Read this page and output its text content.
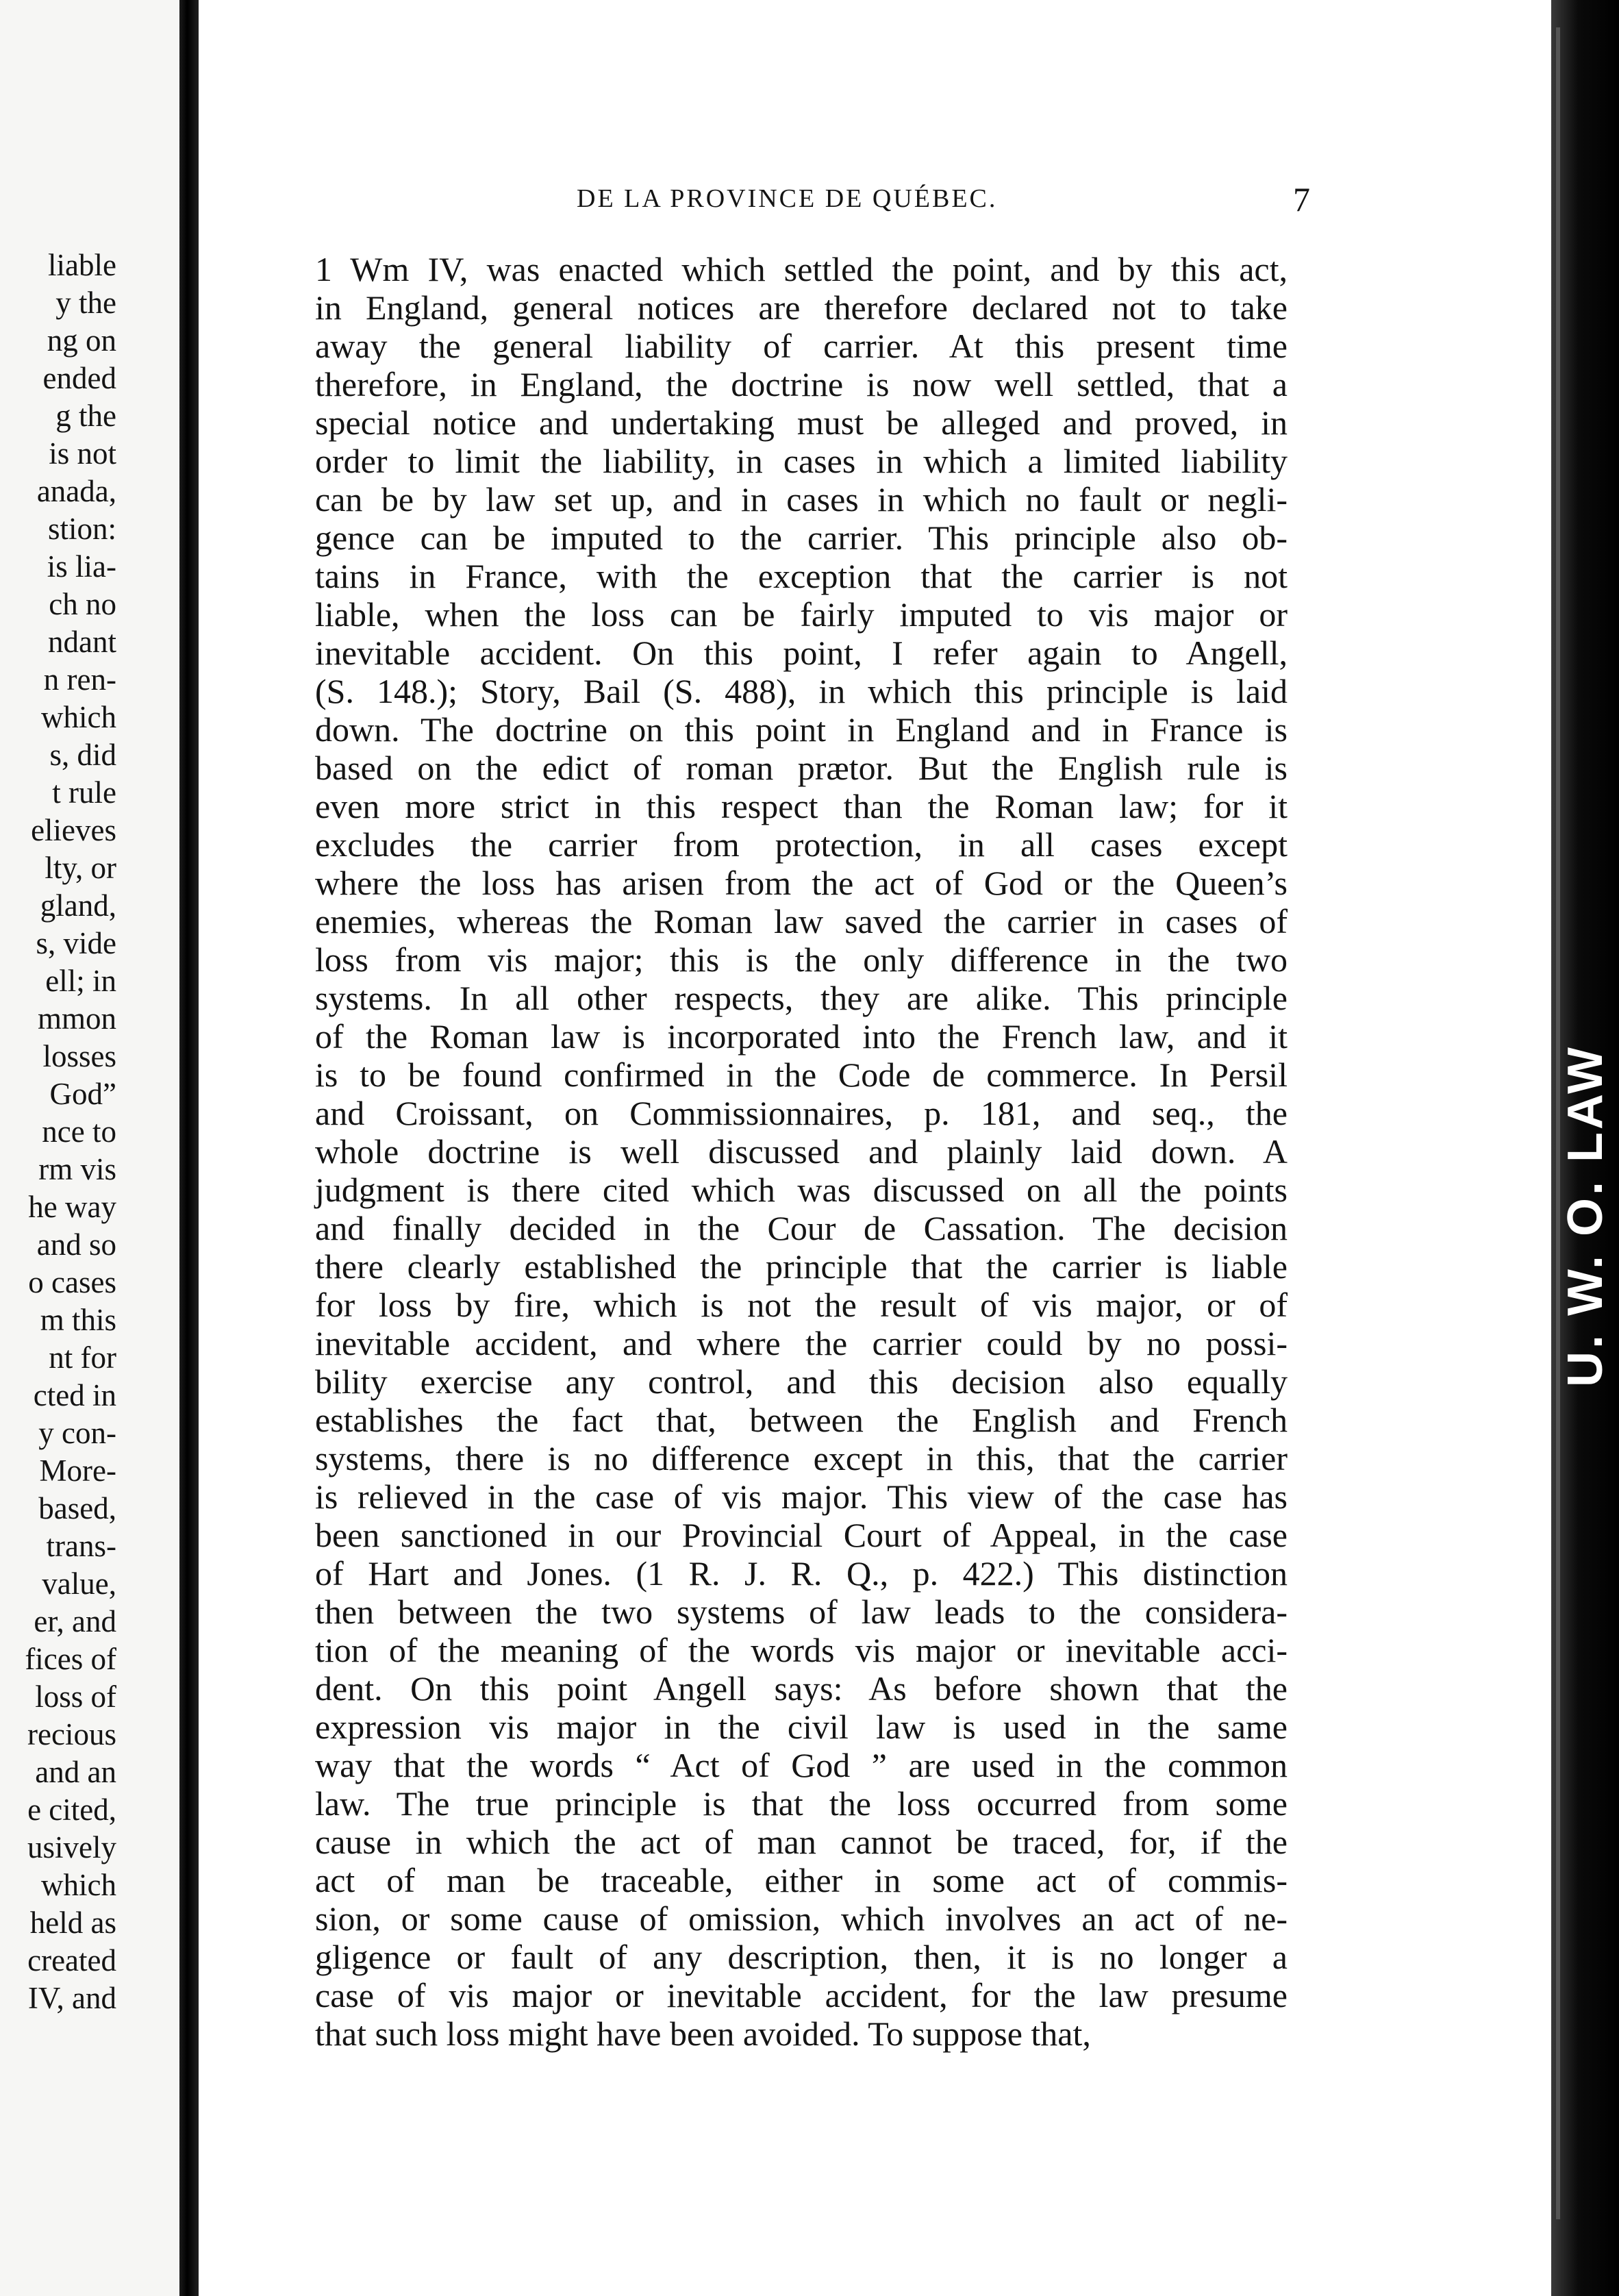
liable
y the
ng on
ended
g the
is not
anada,
stion:
is lia-
ch no
ndant
n ren-
which
s, did
t rule
elieves
lty, or
gland,
s, vide
ell; in
mmon
losses
God”
nce to
rm vis
he way
and so
o cases
m this
nt for
cted in
y con-
More-
based,
trans-
value,
er, and
fices of
loss of
recious
and an
e cited,
usively
which
held as
created
IV, and
DE LA PROVINCE DE QUÉBEC.	7
1 Wm IV, was enacted which settled the point, and by this act,
in England, general notices are therefore declared not to take
away the general liability of carrier. At this present time
therefore, in England, the doctrine is now well settled, that a
special notice and undertaking must be alleged and proved, in
order to limit the liability, in cases in which a limited liability
can be by law set up, and in cases in which no fault or negli-
gence can be imputed to the carrier. This principle also ob-
tains in France, with the exception that the carrier is not
liable, when the loss can be fairly imputed to vis major or
inevitable accident. On this point, I refer again to Angell,
(S. 148.); Story, Bail (S. 488), in which this principle is laid
down. The doctrine on this point in England and in France is
based on the edict of roman prætor. But the English rule is
even more strict in this respect than the Roman law; for it
excludes the carrier from protection, in all cases except
where the loss has arisen from the act of God or the Queen’s
enemies, whereas the Roman law saved the carrier in cases of
loss from vis major; this is the only difference in the two
systems. In all other respects, they are alike. This principle
of the Roman law is incorporated into the French law, and it
is to be found confirmed in the Code de commerce. In Persil
and Croissant, on Commissionnaires, p. 181, and seq., the
whole doctrine is well discussed and plainly laid down. A
judgment is there cited which was discussed on all the points
and finally decided in the Cour de Cassation. The decision
there clearly established the principle that the carrier is liable
for loss by fire, which is not the result of vis major, or of
inevitable accident, and where the carrier could by no possi-
bility exercise any control, and this decision also equally
establishes the fact that, between the English and French
systems, there is no difference except in this, that the carrier
is relieved in the case of vis major. This view of the case has
been sanctioned in our Provincial Court of Appeal, in the case
of Hart and Jones. (1 R. J. R. Q., p. 422.) This distinction
then between the two systems of law leads to the considera-
tion of the meaning of the words vis major or inevitable acci-
dent. On this point Angell says: As before shown that the
expression vis major in the civil law is used in the same
way that the words “ Act of God ” are used in the common
law. The true principle is that the loss occurred from some
cause in which the act of man cannot be traced, for, if the
act of man be traceable, either in some act of commis-
sion, or some cause of omission, which involves an act of ne-
gligence or fault of any description, then, it is no longer a
case of vis major or inevitable accident, for the law presume
that such loss might have been avoided. To suppose that,
U. W. O. LAW
